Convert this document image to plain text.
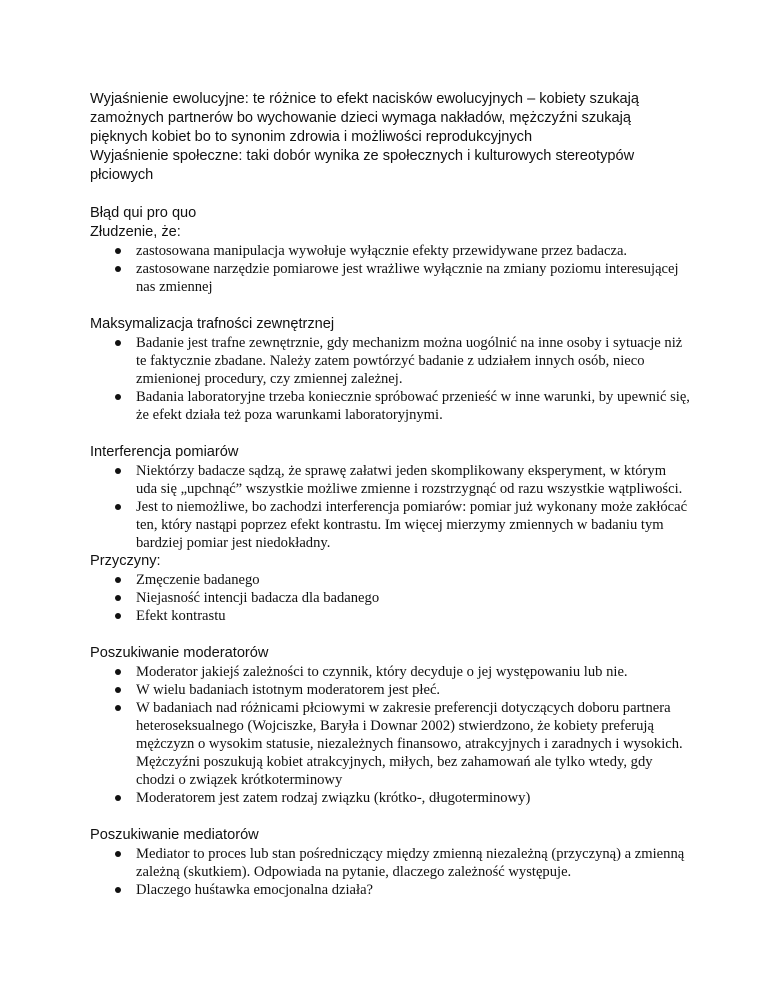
Wyjaśnienie ewolucyjne: te różnice to efekt nacisków ewolucyjnych – kobiety szukają zamożnych partnerów bo wychowanie dzieci wymaga nakładów, mężczyźni szukają pięknych kobiet bo to synonim zdrowia i możliwości reprodukcyjnych

Wyjaśnienie społeczne: taki dobór wynika ze społecznych i kulturowych stereotypów płciowych

Błąd qui pro quo

Złudzenie, że:

zastosowana manipulacja wywołuje wyłącznie efekty przewidywane przez badacza.
zastosowane narzędzie pomiarowe jest wrażliwe wyłącznie na zmiany poziomu interesującej nas zmiennej

Maksymalizacja trafności zewnętrznej

Badanie jest trafne zewnętrznie, gdy mechanizm można uogólnić na inne osoby i sytuacje niż te faktycznie zbadane. Należy zatem powtórzyć badanie z udziałem innych osób, nieco zmienionej procedury, czy zmiennej zależnej.
Badania laboratoryjne trzeba koniecznie spróbować przenieść w inne warunki, by upewnić się, że efekt działa też poza warunkami laboratoryjnymi.

Interferencja pomiarów

Niektórzy badacze sądzą, że sprawę załatwi jeden skomplikowany eksperyment, w którym uda się „upchnąć” wszystkie możliwe zmienne i rozstrzygnąć od razu wszystkie wątpliwości.
Jest to niemożliwe, bo zachodzi interferencja pomiarów: pomiar już wykonany może zakłócać ten, który nastąpi poprzez efekt kontrastu. Im więcej mierzymy zmiennych w badaniu tym bardziej pomiar jest niedokładny.

Przyczyny:

Zmęczenie badanego
Niejasność intencji badacza dla badanego
Efekt kontrastu

Poszukiwanie moderatorów

Moderator jakiejś zależności to czynnik, który decyduje o jej występowaniu lub nie.
W wielu badaniach istotnym moderatorem jest płeć.
W badaniach nad różnicami płciowymi w zakresie preferencji dotyczących doboru partnera heteroseksualnego (Wojciszke, Baryła i Downar 2002) stwierdzono, że kobiety preferują mężczyzn o wysokim statusie, niezależnych finansowo, atrakcyjnych i zaradnych i wysokich. Mężczyźni poszukują kobiet atrakcyjnych, miłych, bez zahamowań ale tylko wtedy, gdy chodzi o związek krótkoterminowy
Moderatorem jest zatem rodzaj związku (krótko-, długoterminowy)

Poszukiwanie mediatorów

Mediator to proces lub stan pośredniczący między zmienną niezależną (przyczyną) a zmienną zależną (skutkiem). Odpowiada na pytanie, dlaczego zależność występuje.
Dlaczego huśtawka emocjonalna działa?
